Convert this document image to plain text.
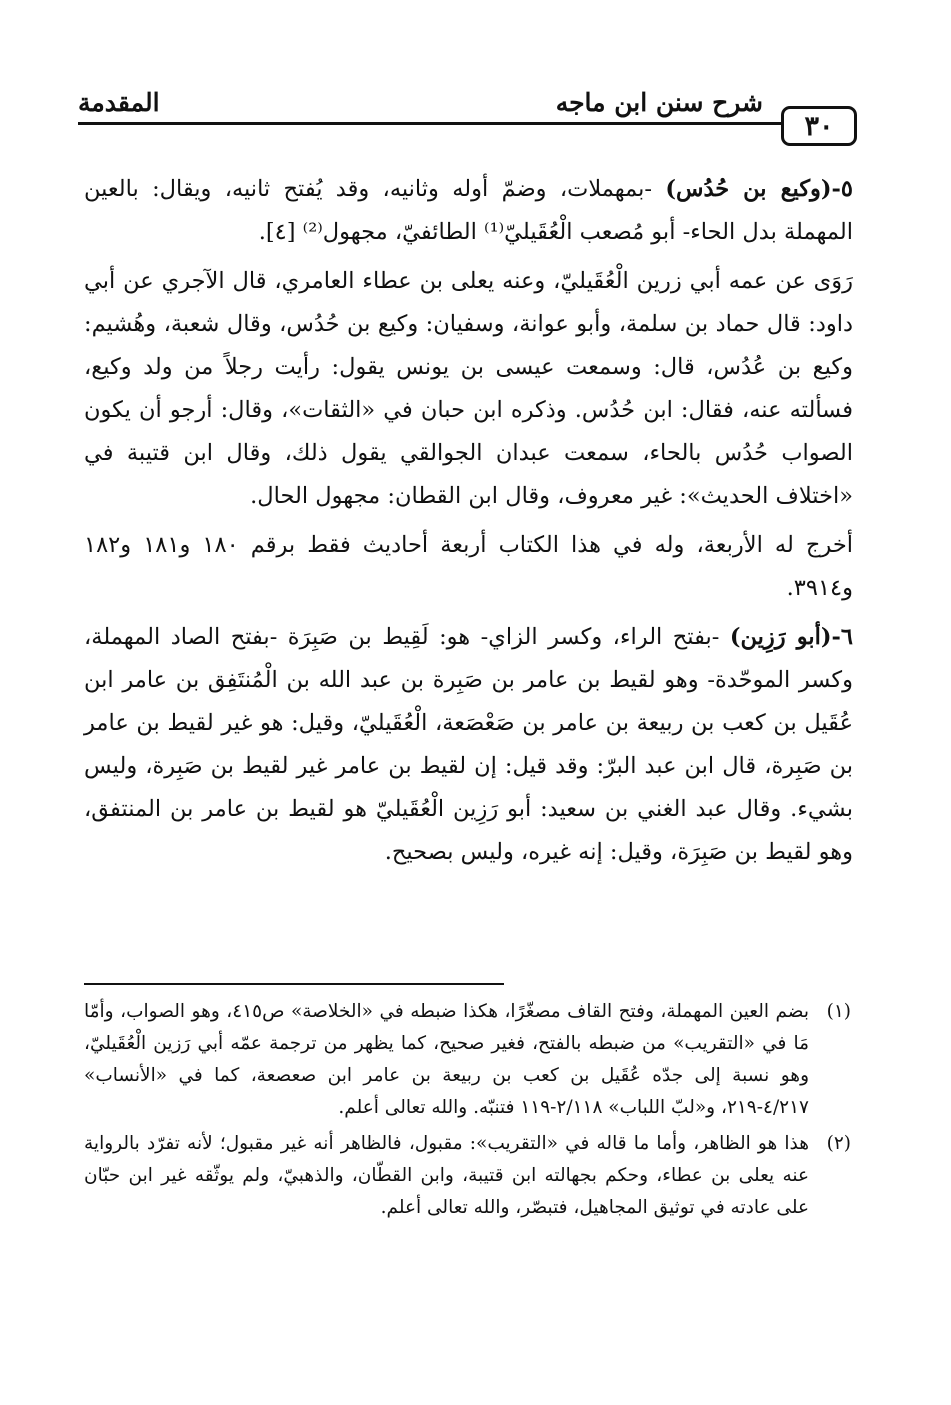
٣٠
شرح سنن ابن ماجه
المقدمة

٥-(وكيع بن حُدُس) -بمهملات، وضمّ أوله وثانيه، وقد يُفتح ثانيه، ويقال: بالعين المهملة بدل الحاء- أبو مُصعب الْعُقَيليّ⁽¹⁾ الطائفيّ، مجهول⁽²⁾ [٤].

رَوَى عن عمه أبي زرين الْعُقَيليّ، وعنه يعلى بن عطاء العامري، قال الآجري عن أبي داود: قال حماد بن سلمة، وأبو عوانة، وسفيان: وكيع بن حُدُس، وقال شعبة، وهُشيم: وكيع بن عُدُس، قال: وسمعت عيسى بن يونس يقول: رأيت رجلاً من ولد وكيع، فسألته عنه، فقال: ابن حُدُس. وذكره ابن حبان في «الثقات»، وقال: أرجو أن يكون الصواب حُدُس بالحاء، سمعت عبدان الجوالقي يقول ذلك، وقال ابن قتيبة في «اختلاف الحديث»: غير معروف، وقال ابن القطان: مجهول الحال.

أخرج له الأربعة، وله في هذا الكتاب أربعة أحاديث فقط برقم ١٨٠ و١٨١ و١٨٢ و٣٩١٤.

٦-(أبو رَزِين) -بفتح الراء، وكسر الزاي- هو: لَقِيط بن صَبِرَة -بفتح الصاد المهملة، وكسر الموحّدة- وهو لقيط بن عامر بن صَبِرة بن عبد الله بن الْمُنتَفِق بن عامر ابن عُقَيل بن كعب بن ربيعة بن عامر بن صَعْصَعة، الْعُقَيليّ، وقيل: هو غير لقيط بن عامر بن صَبِرة، قال ابن عبد البرّ: وقد قيل: إن لقيط بن عامر غير لقيط بن صَبِرة، وليس بشيء. وقال عبد الغني بن سعيد: أبو رَزِين الْعُقَيليّ هو لقيط بن عامر بن المنتفق، وهو لقيط بن صَبِرَة، وقيل: إنه غيره، وليس بصحيح.

(١)
بضم العين المهملة، وفتح القاف مصغّرًا، هكذا ضبطه في «الخلاصة» ص٤١٥، وهو الصواب، وأمّا مَا في «التقريب» من ضبطه بالفتح، فغير صحيح، كما يظهر من ترجمة عمّه أبي رَزين الْعُقَيليّ، وهو نسبة إلى جدّه عُقَيل بن كعب بن ربيعة بن عامر ابن صعصعة، كما في «الأنساب» ٤/٢١٧-٢١٩، و«لبّ اللباب» ٢/١١٨-١١٩ فتنبّه. والله تعالى أعلم.

(٢)
هذا هو الظاهر، وأما ما قاله في «التقريب»: مقبول، فالظاهر أنه غير مقبول؛ لأنه تفرّد بالرواية عنه يعلى بن عطاء، وحكم بجهالته ابن قتيبة، وابن القطّان، والذهبيّ، ولم يوثّقه غير ابن حبّان على عادته في توثيق المجاهيل، فتبصّر، والله تعالى أعلم.
